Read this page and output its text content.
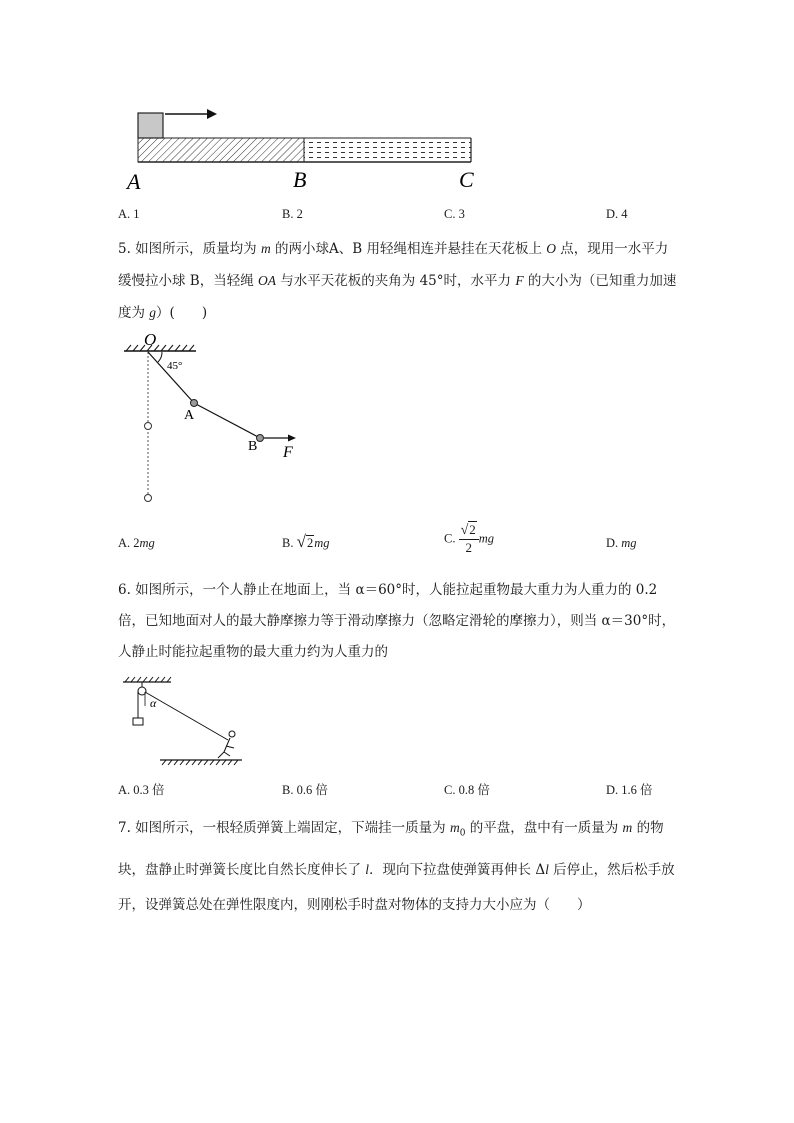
A	B	C
A. 1	B. 2	C. 3	D. 4
5. 如图所示，质量均为 m 的两小球A、B 用轻绳相连并悬挂在天花板上 O 点，现用一水平力缓慢拉小球 B，当轻绳 OA 与水平天花板的夹角为 45°时，水平力 F 的大小为（已知重力加速度为 g）(　　)
O
45°
A
B F
A. 2mg	B. √2mg	C. $\frac{√2}{2}$ mg	D. mg
6. 如图所示，一个人静止在地面上，当 α＝60°时，人能拉起重物最大重力为人重力的 0.2 倍，已知地面对人的最大静摩擦力等于滑动摩擦力（忽略定滑轮的摩擦力），则当 α＝30°时，人静止时能拉起重物的最大重力约为人重力的
α
A. 0.3 倍	B. 0.6 倍	C. 0.8 倍	D. 1.6 倍
7. 如图所示，一根轻质弹簧上端固定，下端挂一质量为 $m_0$ 的平盘，盘中有一质量为 m 的物块，盘静止时弹簧长度比自然长度伸长了 l．现向下拉盘使弹簧再伸长 Δl 后停止，然后松手放开，设弹簧总处在弹性限度内，则刚松手时盘对物体的支持力大小应为（　　）
